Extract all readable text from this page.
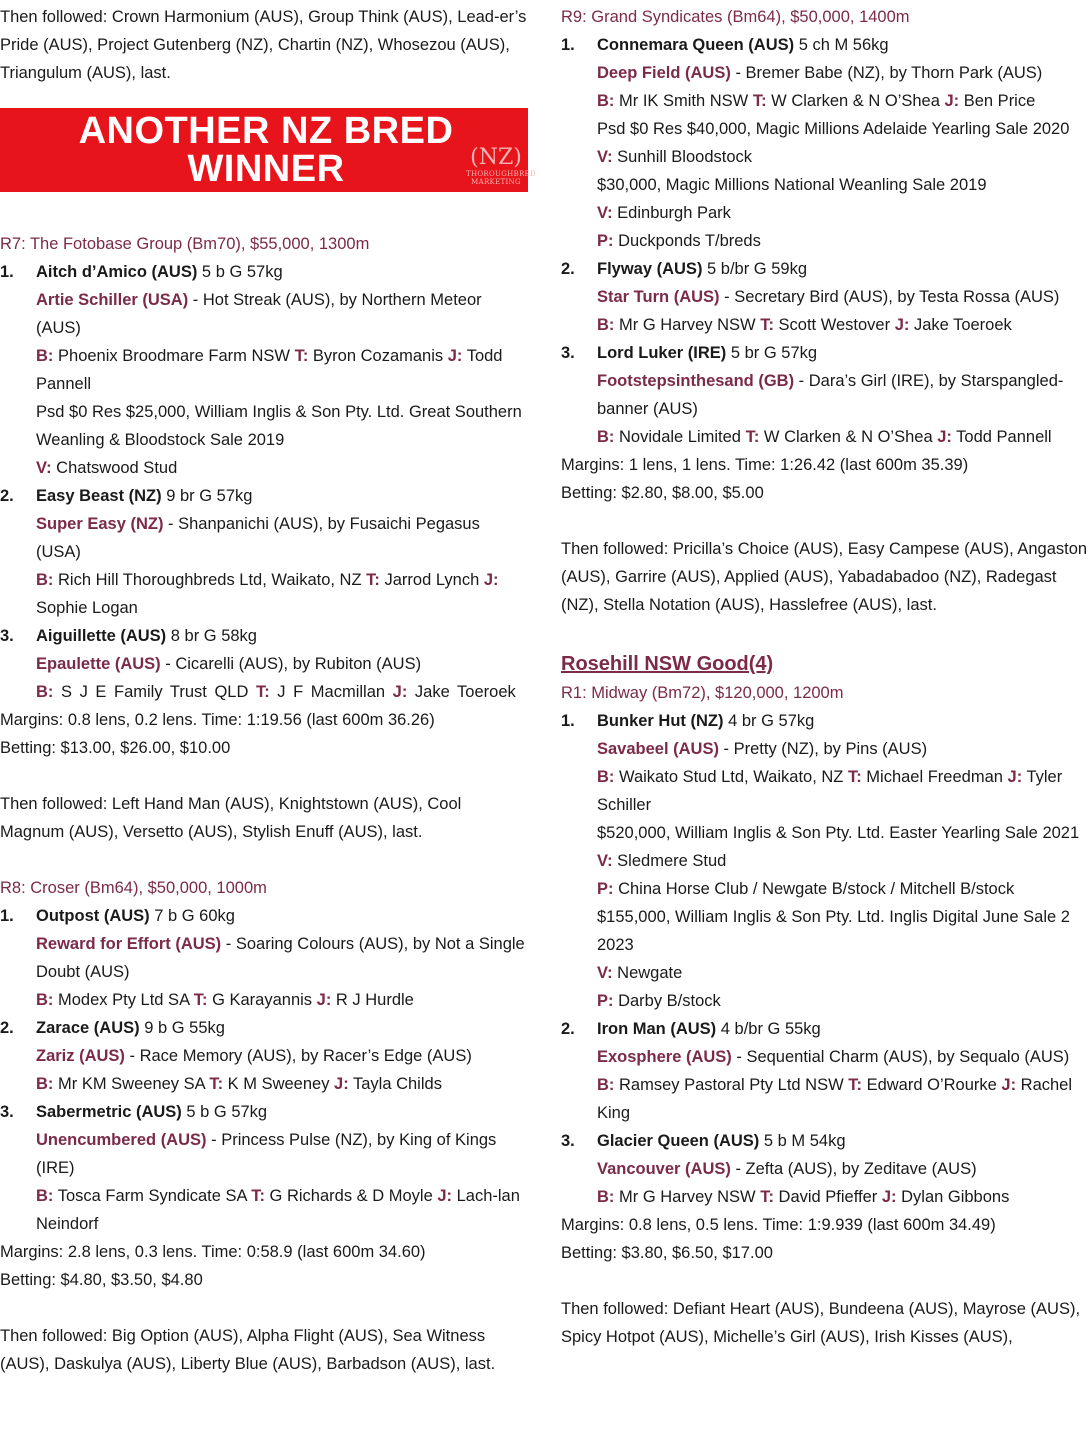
Then followed: Crown Harmonium (AUS), Group Think (AUS), Lead-er’s Pride (AUS), Project Gutenberg (NZ), Chartin (NZ), Whosezou (AUS), Triangulum (AUS), last.

ANOTHER NZ BRED
WINNER	(NZ)
THOROUGHBRED
MARKETING

R7: The Fotobase Group (Bm70), $55,000, 1300m

1. Aitch d’Amico (AUS) 5 b G 57kg

Artie Schiller (USA) - Hot Streak (AUS), by Northern Meteor (AUS)

B: Phoenix Broodmare Farm NSW T: Byron Cozamanis J: Todd Pannell

Psd $0 Res $25,000, William Inglis & Son Pty. Ltd. Great Southern Weanling & Bloodstock Sale 2019

V: Chatswood Stud

2. Easy Beast (NZ) 9 br G 57kg

Super Easy (NZ) - Shanpanichi (AUS), by Fusaichi Pegasus (USA)

B: Rich Hill Thoroughbreds Ltd, Waikato, NZ T: Jarrod Lynch J: Sophie Logan

3. Aiguillette (AUS) 8 br G 58kg

Epaulette (AUS) - Cicarelli (AUS), by Rubiton (AUS)

B: S J E Family Trust QLD T: J F Macmillan J: Jake Toeroek

Margins: 0.8 lens, 0.2 lens. Time: 1:19.56 (last 600m 36.26)

Betting: $13.00, $26.00, $10.00

Then followed: Left Hand Man (AUS), Knightstown (AUS), Cool Magnum (AUS), Versetto (AUS), Stylish Enuff (AUS), last.

R8: Croser (Bm64), $50,000, 1000m

1. Outpost (AUS) 7 b G 60kg

Reward for Effort (AUS) - Soaring Colours (AUS), by Not a Single Doubt (AUS)

B: Modex Pty Ltd SA T: G Karayannis J: R J Hurdle

2. Zarace (AUS) 9 b G 55kg

Zariz (AUS) - Race Memory (AUS), by Racer’s Edge (AUS)

B: Mr KM Sweeney SA T: K M Sweeney J: Tayla Childs

3. Sabermetric (AUS) 5 b G 57kg

Unencumbered (AUS) - Princess Pulse (NZ), by King of Kings (IRE)

B: Tosca Farm Syndicate SA T: G Richards & D Moyle J: Lach-lan Neindorf

Margins: 2.8 lens, 0.3 lens. Time: 0:58.9 (last 600m 34.60)

Betting: $4.80, $3.50, $4.80

Then followed: Big Option (AUS), Alpha Flight (AUS), Sea Witness (AUS), Daskulya (AUS), Liberty Blue (AUS), Barbadson (AUS), last.

R9: Grand Syndicates (Bm64), $50,000, 1400m

1. Connemara Queen (AUS) 5 ch M 56kg

Deep Field (AUS) - Bremer Babe (NZ), by Thorn Park (AUS)

B: Mr IK Smith NSW T: W Clarken & N O’Shea J: Ben Price

Psd $0 Res $40,000, Magic Millions Adelaide Yearling Sale 2020

V: Sunhill Bloodstock

$30,000, Magic Millions National Weanling Sale 2019

V: Edinburgh Park

P: Duckponds T/breds

2. Flyway (AUS) 5 b/br G 59kg

Star Turn (AUS) - Secretary Bird (AUS), by Testa Rossa (AUS)

B: Mr G Harvey NSW T: Scott Westover J: Jake Toeroek

3. Lord Luker (IRE) 5 br G 57kg

Footstepsinthesand (GB) - Dara’s Girl (IRE), by Starspangled-banner (AUS)

B: Novidale Limited T: W Clarken & N O’Shea J: Todd Pannell

Margins: 1 lens, 1 lens. Time: 1:26.42 (last 600m 35.39)

Betting: $2.80, $8.00, $5.00

Then followed: Pricilla’s Choice (AUS), Easy Campese (AUS), Angaston (AUS), Garrire (AUS), Applied (AUS), Yabadabadoo (NZ), Radegast (NZ), Stella Notation (AUS), Hasslefree (AUS), last.

Rosehill NSW Good(4)

R1: Midway (Bm72), $120,000, 1200m

1. Bunker Hut (NZ) 4 br G 57kg

Savabeel (AUS) - Pretty (NZ), by Pins (AUS)

B: Waikato Stud Ltd, Waikato, NZ T: Michael Freedman J: Tyler Schiller

$520,000, William Inglis & Son Pty. Ltd. Easter Yearling Sale 2021

V: Sledmere Stud

P: China Horse Club / Newgate B/stock / Mitchell B/stock

$155,000, William Inglis & Son Pty. Ltd. Inglis Digital June Sale 2 2023

V: Newgate

P: Darby B/stock

2. Iron Man (AUS) 4 b/br G 55kg

Exosphere (AUS) - Sequential Charm (AUS), by Sequalo (AUS)

B: Ramsey Pastoral Pty Ltd NSW T: Edward O’Rourke J: Rachel King

3. Glacier Queen (AUS) 5 b M 54kg

Vancouver (AUS) - Zefta (AUS), by Zeditave (AUS)

B: Mr G Harvey NSW T: David Pfieffer J: Dylan Gibbons

Margins: 0.8 lens, 0.5 lens. Time: 1:9.939 (last 600m 34.49)

Betting: $3.80, $6.50, $17.00

Then followed: Defiant Heart (AUS), Bundeena (AUS), Mayrose (AUS), Spicy Hotpot (AUS), Michelle’s Girl (AUS), Irish Kisses (AUS),
